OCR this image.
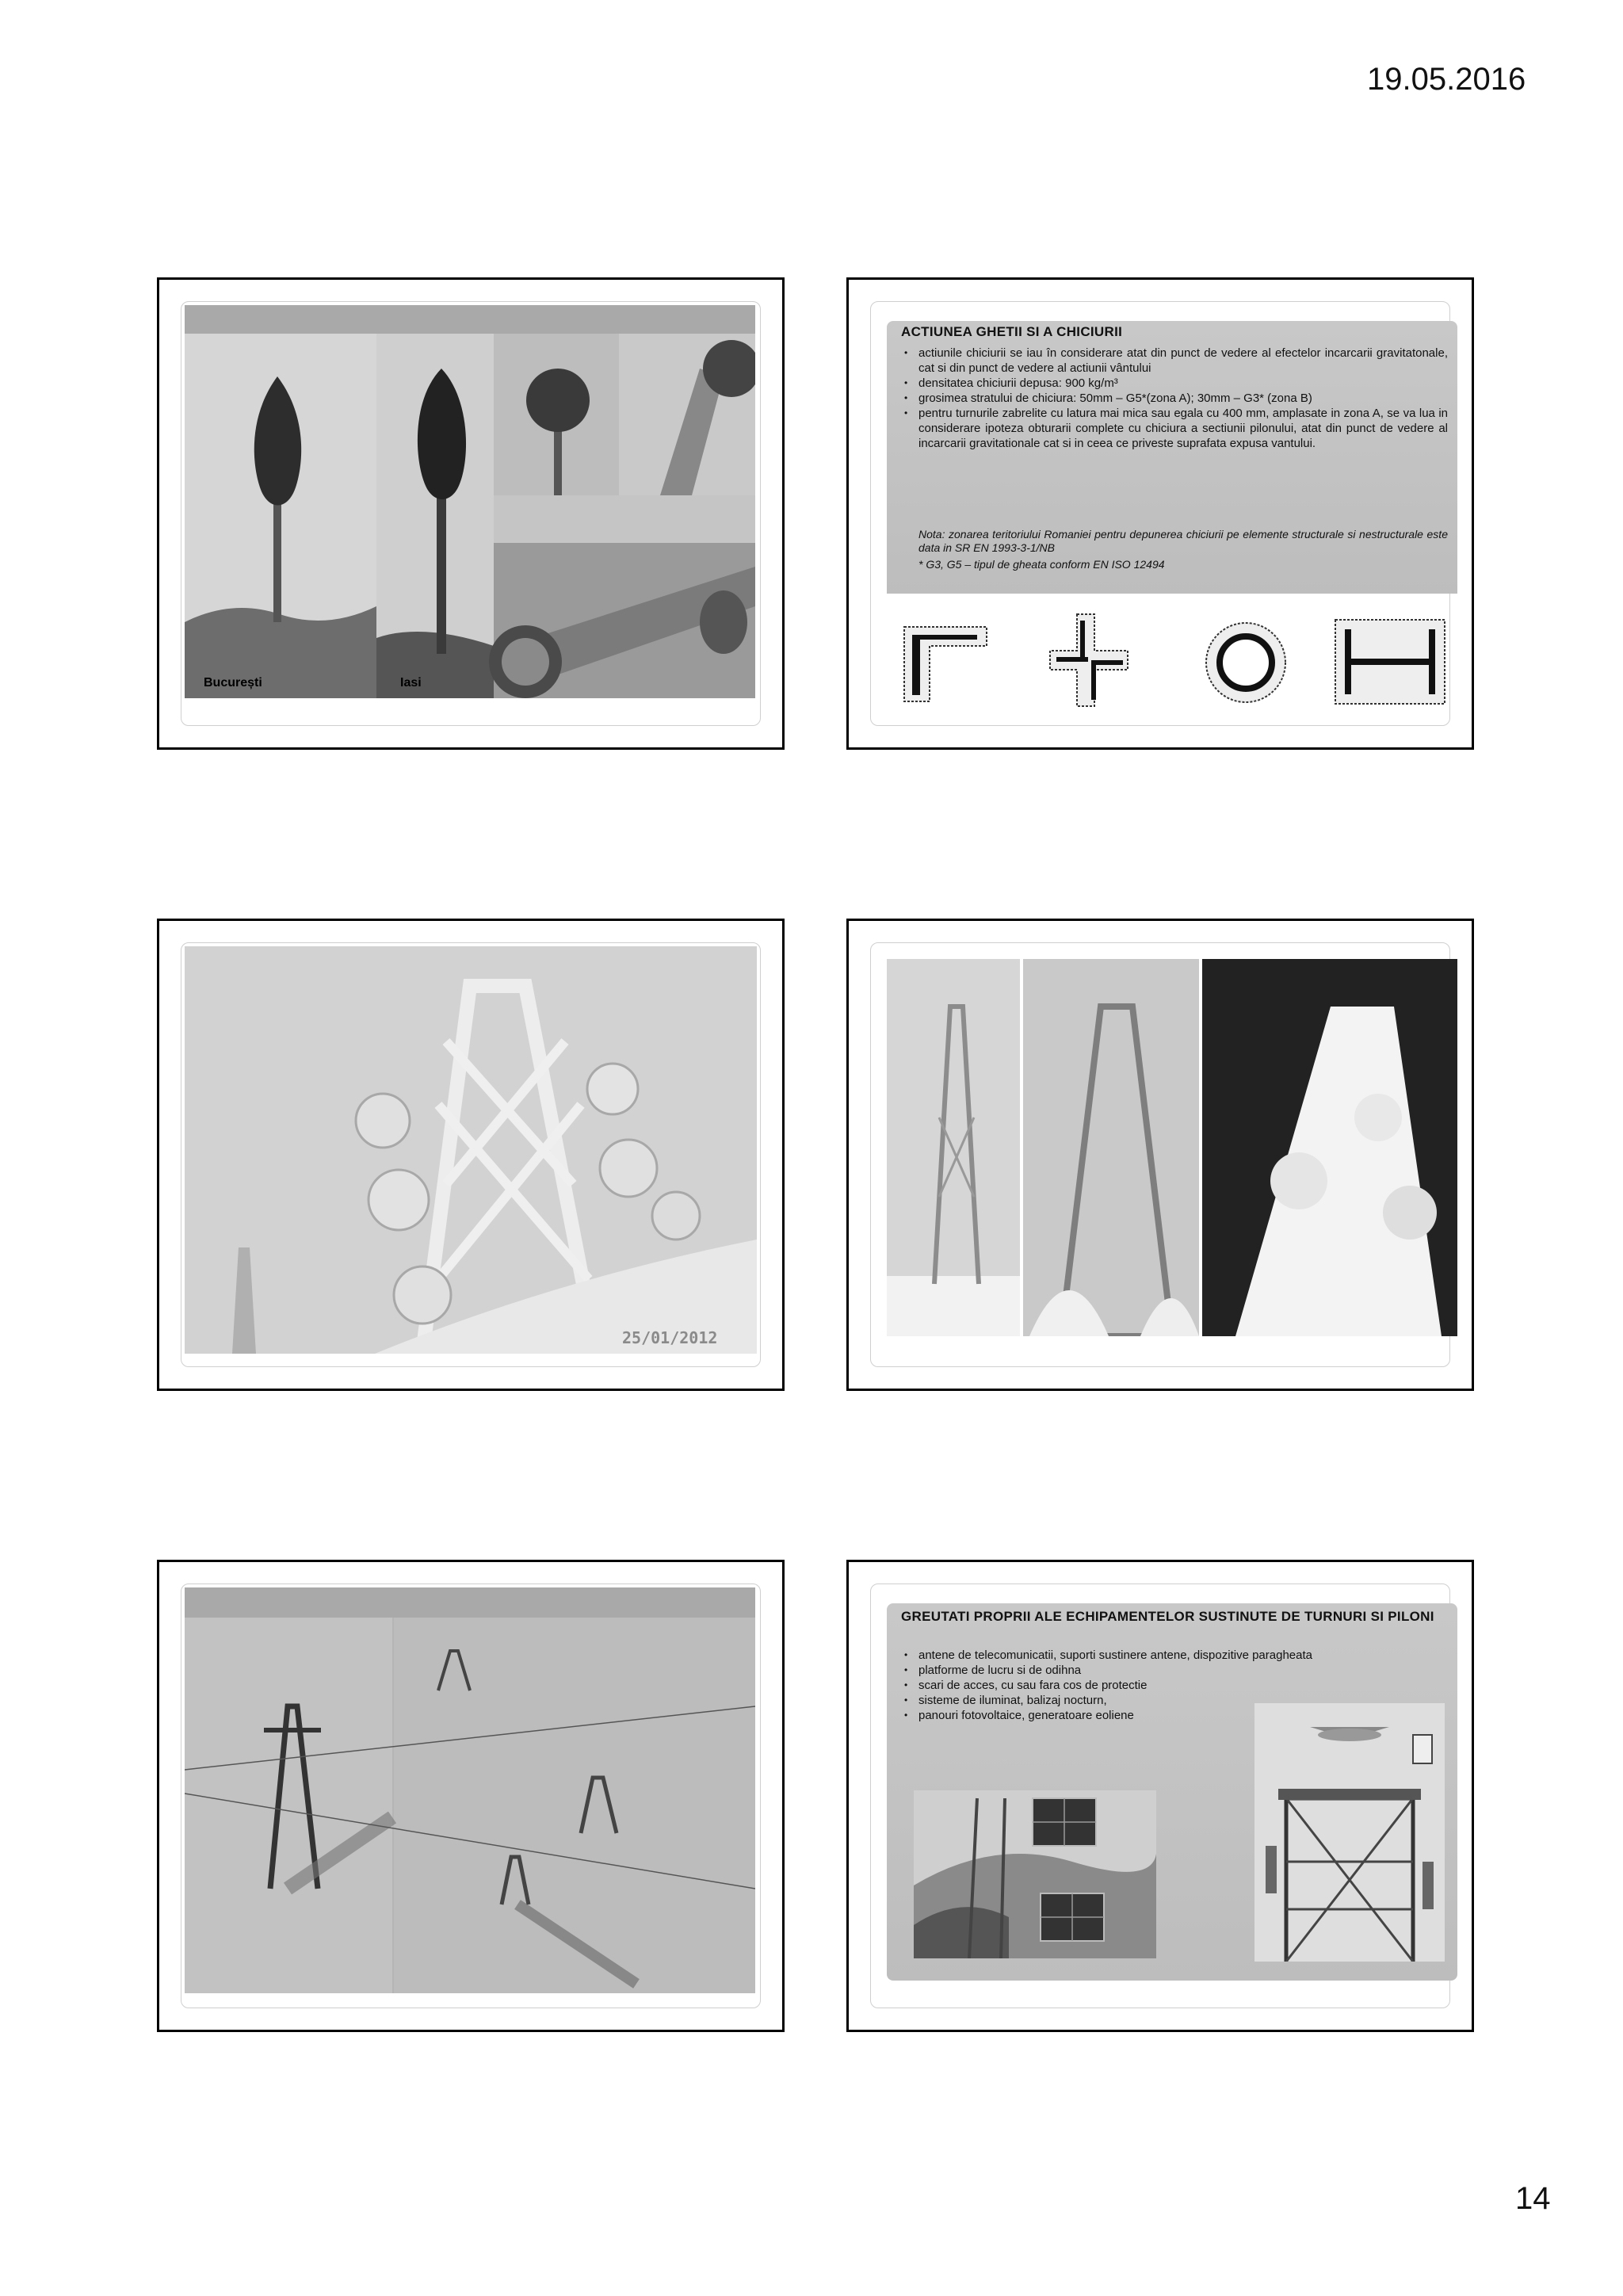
19.05.2016
București	Iasi
ACTIUNEA GHETII SI A CHICIURII
• actiunile chiciurii se iau în considerare atat din punct de vedere al efectelor incarcarii gravitatonale, cat si din punct de vedere al actiunii vântului
• densitatea chiciurii depusa: 900 kg/m³
• grosimea stratului de chiciura: 50mm – G5*(zona A); 30mm – G3* (zona B)
• pentru turnurile zabrelite cu latura mai mica sau egala cu 400 mm, amplasate in zona A, se va lua in considerare ipoteza obturarii complete cu chiciura a sectiunii pilonului, atat din punct de vedere al incarcarii gravitationale cat si in ceea ce priveste suprafata expusa vantului.
Nota: zonarea teritoriului Romaniei pentru depunerea chiciurii pe elemente structurale si nestructurale este data in SR EN 1993-3-1/NB
* G3, G5 – tipul de gheata conform EN ISO 12494
25/01/2012
GREUTATI PROPRII ALE ECHIPAMENTELOR SUSTINUTE DE TURNURI SI PILONI
• antene de telecomunicatii, suporti sustinere antene, dispozitive paragheata
• platforme de lucru si de odihna
• scari de acces, cu sau fara cos de protectie
• sisteme de iluminat, balizaj nocturn,
• panouri fotovoltaice, generatoare eoliene
14
